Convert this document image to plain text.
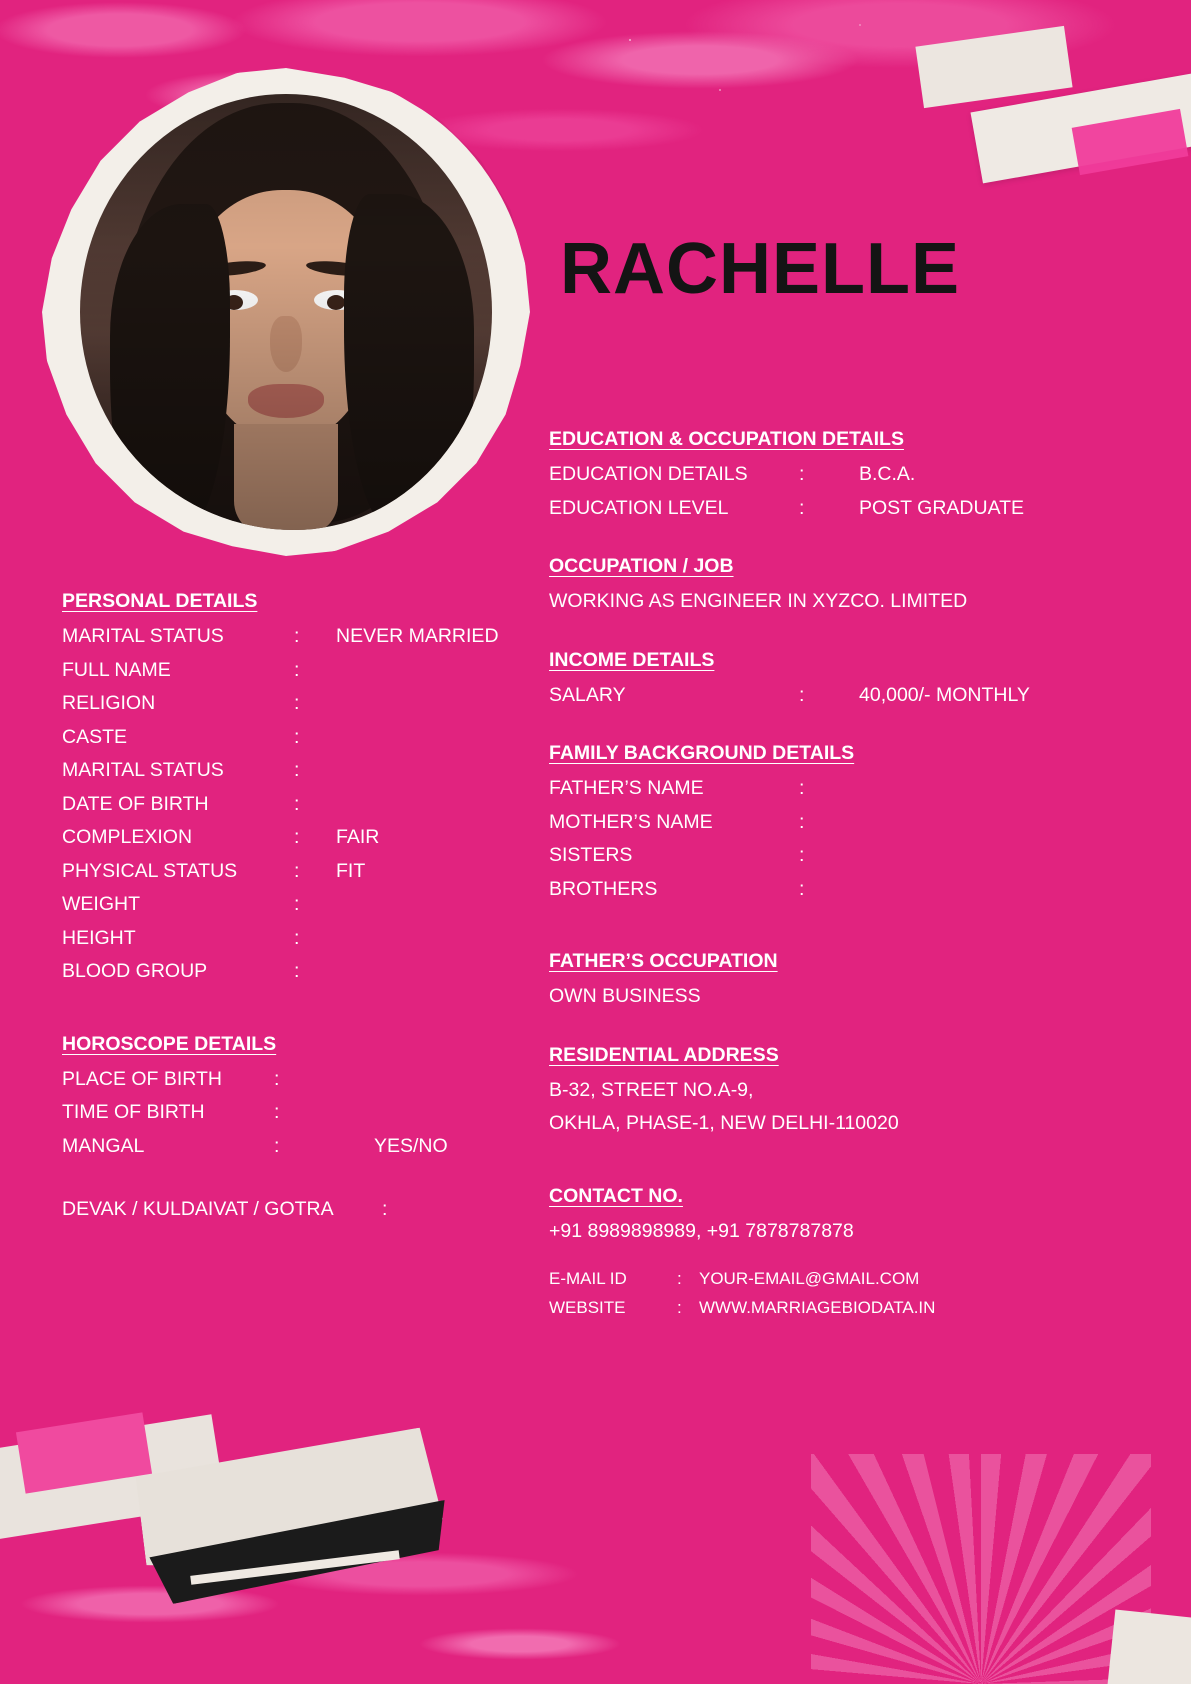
RACHELLE
PERSONAL DETAILS
MARITAL STATUS	:	NEVER MARRIED
FULL NAME	:
RELIGION	:
CASTE	:
MARITAL STATUS	:
DATE OF BIRTH	:
COMPLEXION	:	FAIR
PHYSICAL STATUS	:	FIT
WEIGHT	:
HEIGHT	:
BLOOD GROUP	:
HOROSCOPE DETAILS
PLACE OF BIRTH	:
TIME OF BIRTH	:
MANGAL	:	YES/NO
DEVAK / KULDAIVAT / GOTRA	:
EDUCATION & OCCUPATION DETAILS
EDUCATION DETAILS	:	B.C.A.
EDUCATION LEVEL	:	POST GRADUATE
OCCUPATION / JOB
WORKING AS ENGINEER IN XYZCO. LIMITED
INCOME DETAILS
SALARY	:	40,000/- MONTHLY
FAMILY BACKGROUND DETAILS
FATHER’S NAME	:
MOTHER’S NAME	:
SISTERS	:
BROTHERS	:
FATHER’S OCCUPATION
OWN BUSINESS
RESIDENTIAL ADDRESS
B-32, STREET NO.A-9,
OKHLA, PHASE-1, NEW DELHI-110020
CONTACT NO.
+91 8989898989, +91 7878787878
E-MAIL ID	:	YOUR-EMAIL@GMAIL.COM
WEBSITE	:	WWW.MARRIAGEBIODATA.IN
